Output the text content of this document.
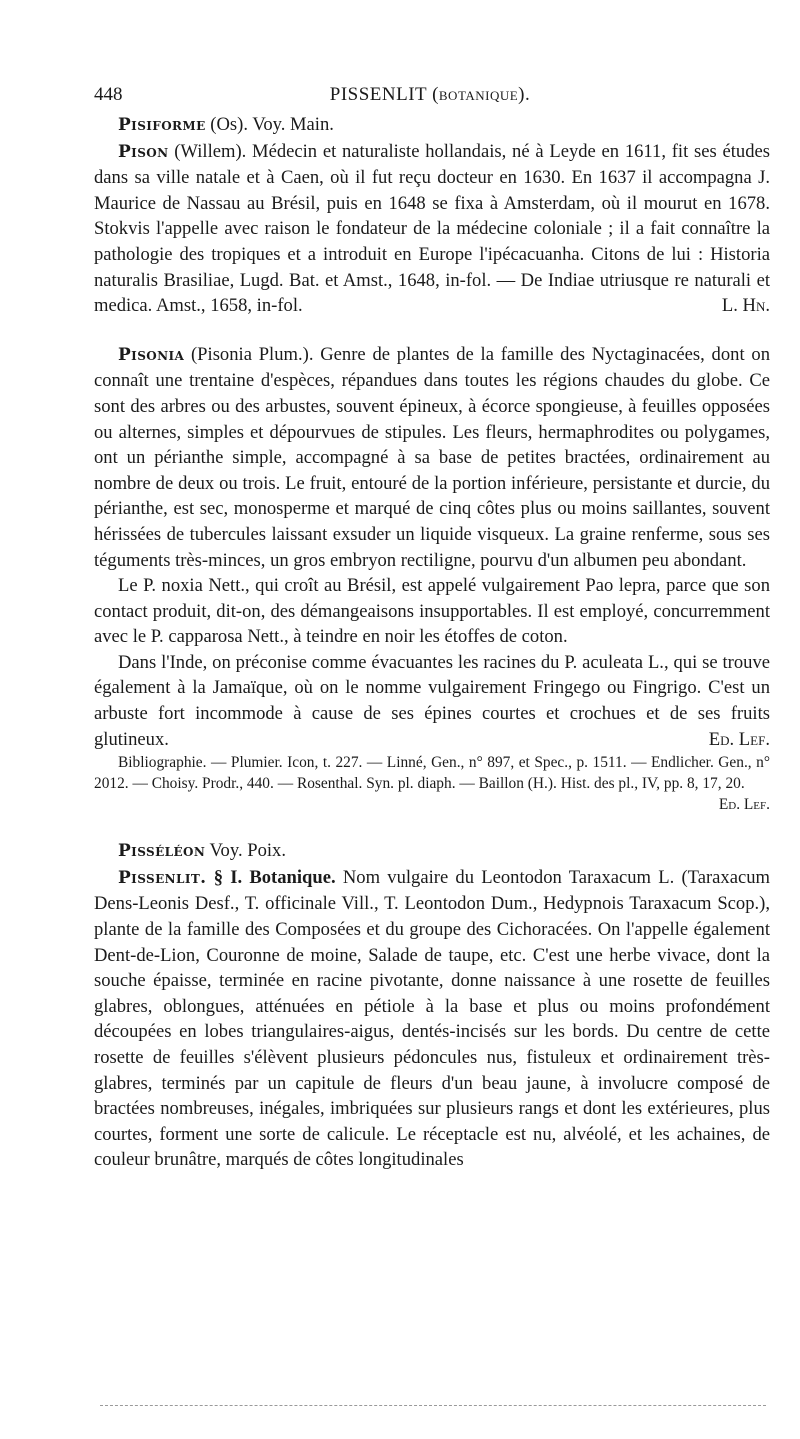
448	PISSENLIT (botanique).

Pisiforme (Os). Voy. Main.

Pison (Willem). Médecin et naturaliste hollandais, né à Leyde en 1611, fit ses études dans sa ville natale et à Caen, où il fut reçu docteur en 1630. En 1637 il accompagna J. Maurice de Nassau au Brésil, puis en 1648 se fixa à Amsterdam, où il mourut en 1678. Stokvis l'appelle avec raison le fondateur de la médecine coloniale ; il a fait connaître la pathologie des tropiques et a introduit en Europe l'ipécacuanha. Citons de lui : Historia naturalis Brasiliae, Lugd. Bat. et Amst., 1648, in-fol. — De Indiae utriusque re naturali et medica. Amst., 1658, in-fol.	L. Hn.

Pisonia (Pisonia Plum.). Genre de plantes de la famille des Nyctaginacées, dont on connaît une trentaine d'espèces, répandues dans toutes les régions chaudes du globe. Ce sont des arbres ou des arbustes, souvent épineux, à écorce spongieuse, à feuilles opposées ou alternes, simples et dépourvues de stipules. Les fleurs, hermaphrodites ou polygames, ont un périanthe simple, accompagné à sa base de petites bractées, ordinairement au nombre de deux ou trois. Le fruit, entouré de la portion inférieure, persistante et durcie, du périanthe, est sec, monosperme et marqué de cinq côtes plus ou moins saillantes, souvent hérissées de tubercules laissant exsuder un liquide visqueux. La graine renferme, sous ses téguments très-minces, un gros embryon rectiligne, pourvu d'un albumen peu abondant.

Le P. noxia Nett., qui croît au Brésil, est appelé vulgairement Pao lepra, parce que son contact produit, dit-on, des démangeaisons insupportables. Il est employé, concurremment avec le P. capparosa Nett., à teindre en noir les étoffes de coton.

Dans l'Inde, on préconise comme évacuantes les racines du P. aculeata L., qui se trouve également à la Jamaïque, où on le nomme vulgairement Fringego ou Fingrigo. C'est un arbuste fort incommode à cause de ses épines courtes et crochues et de ses fruits glutineux.	Ed. Lef.

Bibliographie. — Plumier. Icon, t. 227. — Linné, Gen., n° 897, et Spec., p. 1511. — Endlicher. Gen., n° 2012. — Choisy. Prodr., 440. — Rosenthal. Syn. pl. diaph. — Baillon (H.). Hist. des pl., IV, pp. 8, 17, 20.
Ed. Lef.

Pisséléon Voy. Poix.

Pissenlit. § I. Botanique. Nom vulgaire du Leontodon Taraxacum L. (Taraxacum Dens-Leonis Desf., T. officinale Vill., T. Leontodon Dum., Hedypnois Taraxacum Scop.), plante de la famille des Composées et du groupe des Cichoracées. On l'appelle également Dent-de-Lion, Couronne de moine, Salade de taupe, etc. C'est une herbe vivace, dont la souche épaisse, terminée en racine pivotante, donne naissance à une rosette de feuilles glabres, oblongues, atténuées en pétiole à la base et plus ou moins profondément découpées en lobes triangulaires-aigus, dentés-incisés sur les bords. Du centre de cette rosette de feuilles s'élèvent plusieurs pédoncules nus, fistuleux et ordinairement très-glabres, terminés par un capitule de fleurs d'un beau jaune, à involucre composé de bractées nombreuses, inégales, imbriquées sur plusieurs rangs et dont les extérieures, plus courtes, forment une sorte de calicule. Le réceptacle est nu, alvéolé, et les achaines, de couleur brunâtre, marqués de côtes longitudinales
